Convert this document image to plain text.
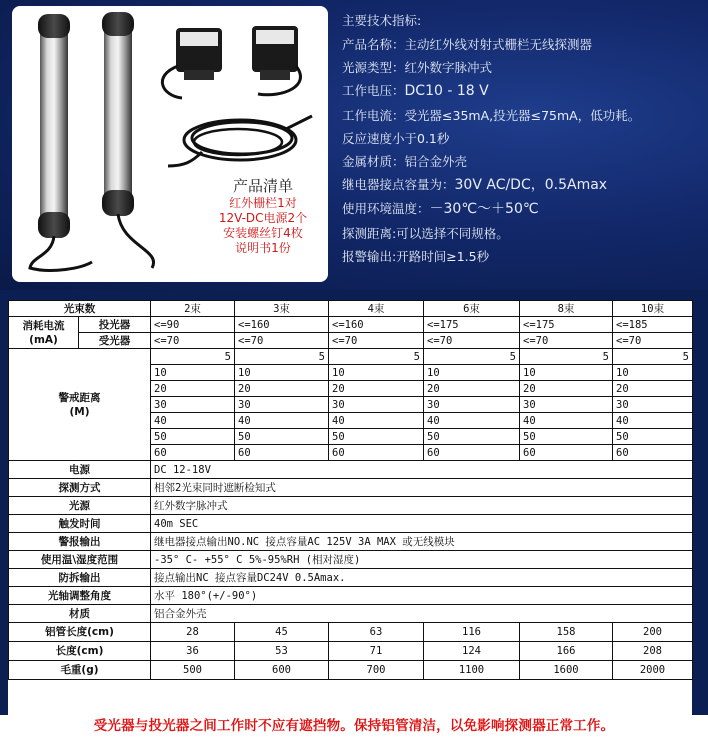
产品清单
红外栅栏1对
12V-DC电源2个
安装螺丝钉4枚
说明书1份
主要技术指标:
产品名称：主动红外线对射式栅栏无线探测器
光源类型：红外数字脉冲式
工作电压：DC10 - 18 V
工作电流：受光器≤35mA,投光器≤75mA，低功耗。
反应速度小于0.1秒
金属材质：铝合金外壳
继电器接点容量为：30V AC/DC，0.5Amax
使用环境温度：－30℃～＋50℃
探测距离:可以选择不同规格。
报警输出:开路时间≥1.5秒
光束数		2束	3束	4束	6束	8束	10束

消耗电流
(mA)	投光器	<=90	<=160	<=160	<=175	<=175	<=185
	受光器	<=70	<=70	<=70	<=70	<=70	<=70

警戒距离
(M)		5	5	5	5	5	5
		10	10	10	10	10	10
		20	20	20	20	20	20
		30	30	30	30	30	30
		40	40	40	40	40	40
		50	50	50	50	50	50
		60	60	60	60	60	60
电源		DC 12-18V					
探测方式		相邻2光束同时遮断检知式					
光源		红外数字脉冲式					
触发时间		40m SEC					
警报输出		继电器接点输出NO.NC 接点容量AC 125V 3A MAX 或无线模块					
使用温\湿度范围		-35° C- +55° C 5%-95%RH (相对湿度)					
防拆输出		接点输出NC 接点容量DC24V 0.5Amax.					
光轴调整角度		水平 180°(+/-90°)					
材质		铝合金外壳					
铝管长度(cm)		28	45	63	116	158	200
长度(cm)		36	53	71	124	166	208
毛重(g)		500	600	700	1100	1600	2000
受光器与投光器之间工作时不应有遮挡物。保持铝管清洁，以免影响探测器正常工作。
